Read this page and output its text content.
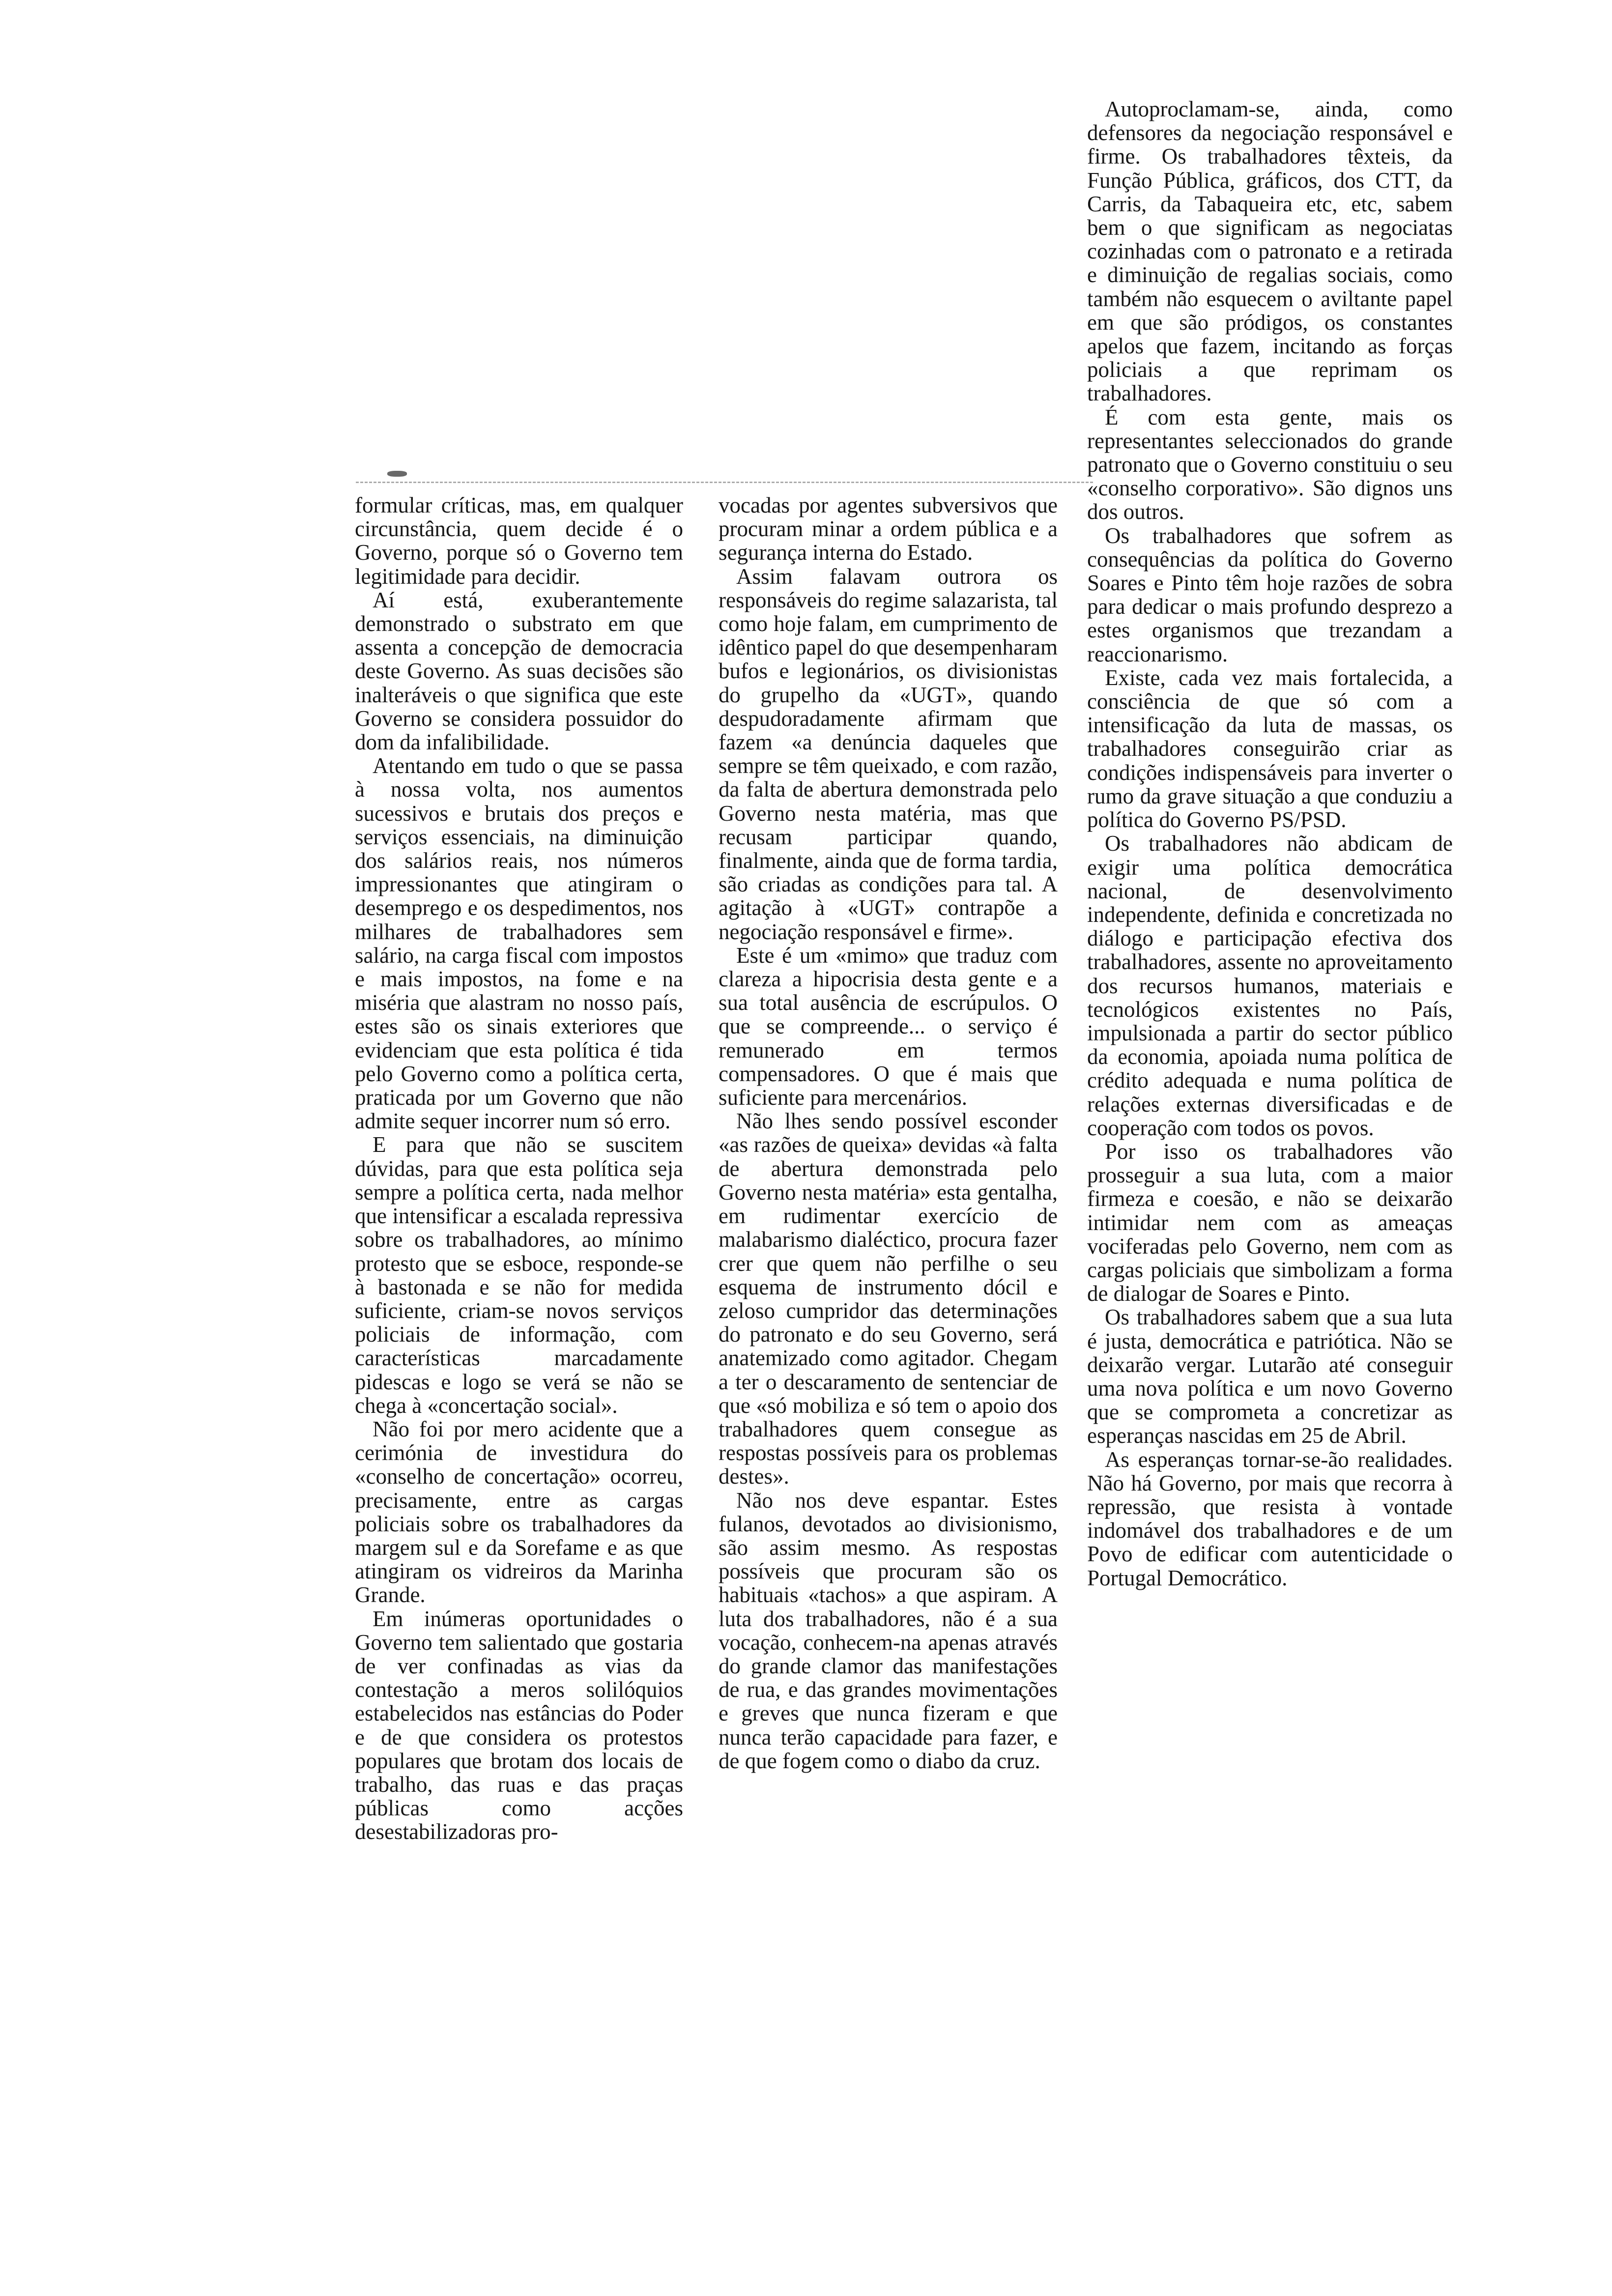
formular críticas, mas, em qualquer circunstância, quem decide é o Governo, porque só o Governo tem legitimidade para decidir.

Aí está, exuberantemente demonstrado o substrato em que assenta a concepção de democracia deste Governo. As suas decisões são inalteráveis o que significa que este Governo se considera possuidor do dom da infalibilidade.

Atentando em tudo o que se passa à nossa volta, nos aumentos sucessivos e brutais dos preços e serviços essenciais, na diminuição dos salários reais, nos números impressionantes que atingiram o desemprego e os despedimentos, nos milhares de trabalhadores sem salário, na carga fiscal com impostos e mais impostos, na fome e na miséria que alastram no nosso país, estes são os sinais exteriores que evidenciam que esta política é tida pelo Governo como a política certa, praticada por um Governo que não admite sequer incorrer num só erro.

E para que não se suscitem dúvidas, para que esta política seja sempre a política certa, nada melhor que intensificar a escalada repressiva sobre os trabalhadores, ao mínimo protesto que se esboce, responde-se à bastonada e se não for medida suficiente, criam-se novos serviços policiais de informação, com características marcadamente pidescas e logo se verá se não se chega à «concertação social».

Não foi por mero acidente que a cerimónia de investidura do «conselho de concertação» ocorreu, precisamente, entre as cargas policiais sobre os trabalhadores da margem sul e da Sorefame e as que atingiram os vidreiros da Marinha Grande.

Em inúmeras oportunidades o Governo tem salientado que gostaria de ver confinadas as vias da contestação a meros solilóquios estabelecidos nas estâncias do Poder e de que considera os protestos populares que brotam dos locais de trabalho, das ruas e das praças públicas como acções desestabilizadoras pro-

vocadas por agentes subversivos que procuram minar a ordem pública e a segurança interna do Estado.

Assim falavam outrora os responsáveis do regime salazarista, tal como hoje falam, em cumprimento de idêntico papel do que desempenharam bufos e legionários, os divisionistas do grupelho da «UGT», quando despudoradamente afirmam que fazem «a denúncia daqueles que sempre se têm queixado, e com razão, da falta de abertura demonstrada pelo Governo nesta matéria, mas que recusam participar quando, finalmente, ainda que de forma tardia, são criadas as condições para tal. A agitação à «UGT» contrapõe a negociação responsável e firme».

Este é um «mimo» que traduz com clareza a hipocrisia desta gente e a sua total ausência de escrúpulos. O que se compreende... o serviço é remunerado em termos compensadores. O que é mais que suficiente para mercenários.

Não lhes sendo possível esconder «as razões de queixa» devidas «à falta de abertura demonstrada pelo Governo nesta matéria» esta gentalha, em rudimentar exercício de malabarismo dialéctico, procura fazer crer que quem não perfilhe o seu esquema de instrumento dócil e zeloso cumpridor das determinações do patronato e do seu Governo, será anatemizado como agitador. Chegam a ter o descaramento de sentenciar de que «só mobiliza e só tem o apoio dos trabalhadores quem consegue as respostas possíveis para os problemas destes».

Não nos deve espantar. Estes fulanos, devotados ao divisionismo, são assim mesmo. As respostas possíveis que procuram são os habituais «tachos» a que aspiram. A luta dos trabalhadores, não é a sua vocação, conhecem-na apenas através do grande clamor das manifestações de rua, e das grandes movimentações e greves que nunca fizeram e que nunca terão capacidade para fazer, e de que fogem como o diabo da cruz.

Autoproclamam-se, ainda, como defensores da negociação responsável e firme. Os trabalhadores têxteis, da Função Pública, gráficos, dos CTT, da Carris, da Tabaqueira etc, etc, sabem bem o que significam as negociatas cozinhadas com o patronato e a retirada e diminuição de regalias sociais, como também não esquecem o aviltante papel em que são pródigos, os constantes apelos que fazem, incitando as forças policiais a que reprimam os trabalhadores.

É com esta gente, mais os representantes seleccionados do grande patronato que o Governo constituiu o seu «conselho corporativo». São dignos uns dos outros.

Os trabalhadores que sofrem as consequências da política do Governo Soares e Pinto têm hoje razões de sobra para dedicar o mais profundo desprezo a estes organismos que trezandam a reaccionarismo.

Existe, cada vez mais fortalecida, a consciência de que só com a intensificação da luta de massas, os trabalhadores conseguirão criar as condições indispensáveis para inverter o rumo da grave situação a que conduziu a política do Governo PS/PSD.

Os trabalhadores não abdicam de exigir uma política democrática nacional, de desenvolvimento independente, definida e concretizada no diálogo e participação efectiva dos trabalhadores, assente no aproveitamento dos recursos humanos, materiais e tecnológicos existentes no País, impulsionada a partir do sector público da economia, apoiada numa política de crédito adequada e numa política de relações externas diversificadas e de cooperação com todos os povos.

Por isso os trabalhadores vão prosseguir a sua luta, com a maior firmeza e coesão, e não se deixarão intimidar nem com as ameaças vociferadas pelo Governo, nem com as cargas policiais que simbolizam a forma de dialogar de Soares e Pinto.

Os trabalhadores sabem que a sua luta é justa, democrática e patriótica. Não se deixarão vergar. Lutarão até conseguir uma nova política e um novo Governo que se comprometa a concretizar as esperanças nascidas em 25 de Abril.

As esperanças tornar-se-ão realidades. Não há Governo, por mais que recorra à repressão, que resista à vontade indomável dos trabalhadores e de um Povo de edificar com autenticidade o Portugal Democrático.
